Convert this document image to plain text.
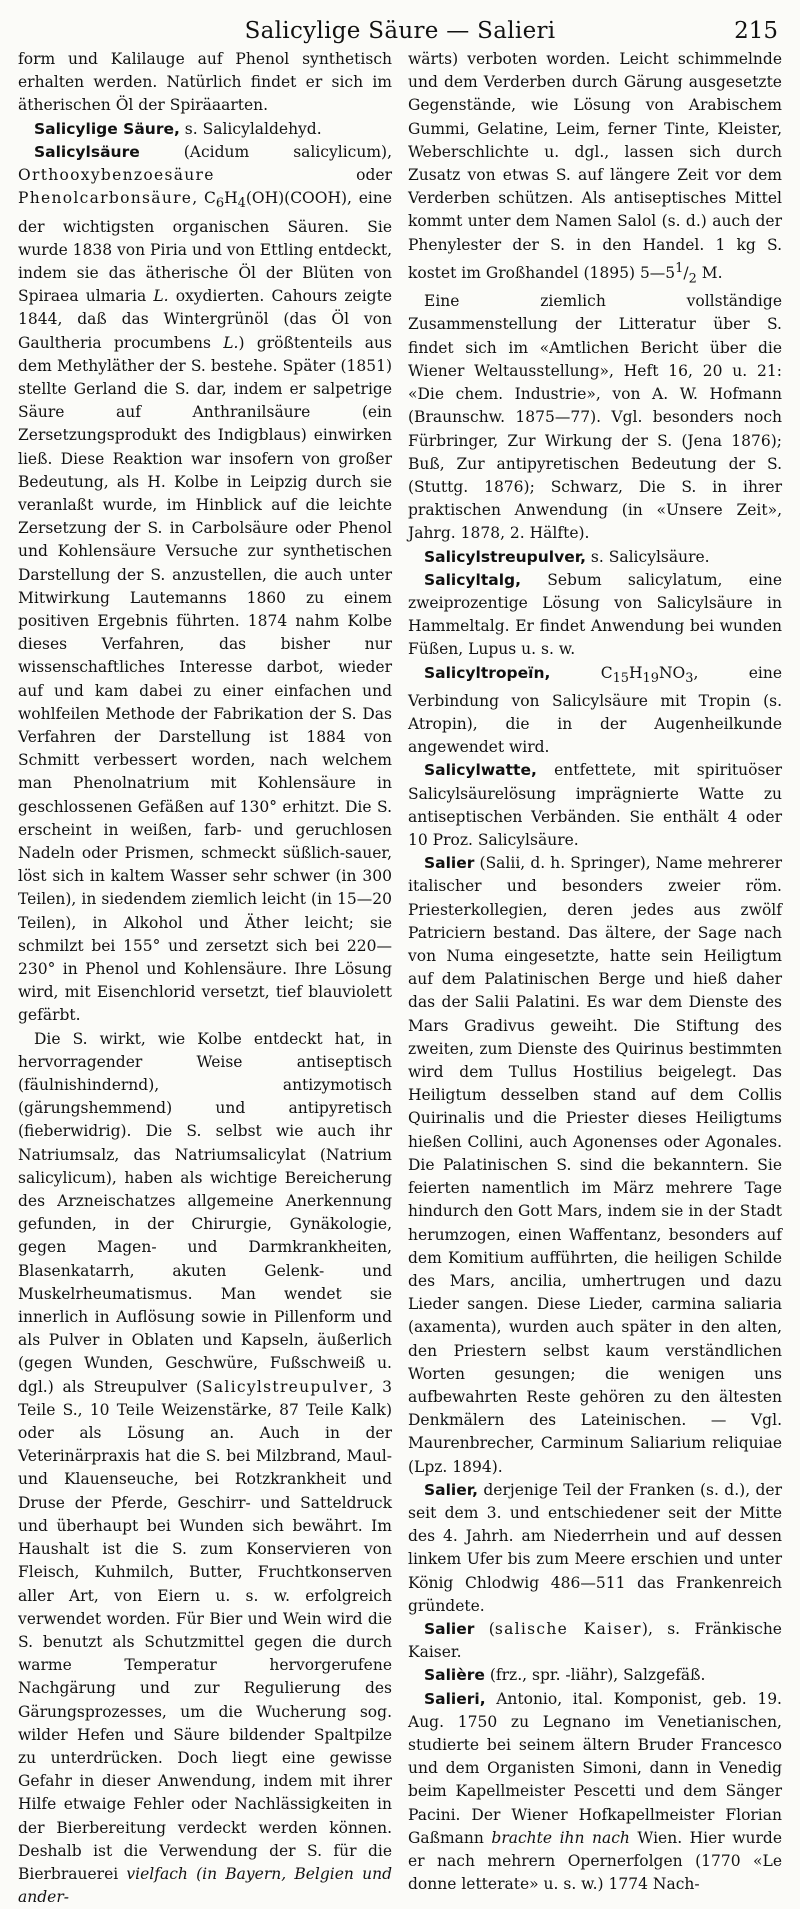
Salicylige Säure — Salieri	215

form und Kalilauge auf Phenol synthetisch erhalten werden. Natürlich findet er sich im ätherischen Öl der Spiräaarten.

Salicylige Säure, s. Salicylaldehyd.

Salicylsäure (Acidum salicylicum), Orthooxybenzoesäure oder Phenolcarbonsäure, $C_6H_4(OH)(COOH)$, eine der wichtigsten organischen Säuren. Sie wurde 1838 von Piria und von Ettling entdeckt, indem sie das ätherische Öl der Blüten von Spiraea ulmaria L. oxydierten. Cahours zeigte 1844, daß das Wintergrünöl (das Öl von Gaultheria procumbens L.) größtenteils aus dem Methyläther der S. bestehe. Später (1851) stellte Gerland die S. dar, indem er salpetrige Säure auf Anthranilsäure (ein Zersetzungsprodukt des Indigblaus) einwirken ließ. Diese Reaktion war insofern von großer Bedeutung, als H. Kolbe in Leipzig durch sie veranlaßt wurde, im Hinblick auf die leichte Zersetzung der S. in Carbolsäure oder Phenol und Kohlensäure Versuche zur synthetischen Darstellung der S. anzustellen, die auch unter Mitwirkung Lautemanns 1860 zu einem positiven Ergebnis führten. 1874 nahm Kolbe dieses Verfahren, das bisher nur wissenschaftliches Interesse darbot, wieder auf und kam dabei zu einer einfachen und wohlfeilen Methode der Fabrikation der S. Das Verfahren der Darstellung ist 1884 von Schmitt verbessert worden, nach welchem man Phenolnatrium mit Kohlensäure in geschlossenen Gefäßen auf 130° erhitzt. Die S. erscheint in weißen, farb- und geruchlosen Nadeln oder Prismen, schmeckt süßlich-sauer, löst sich in kaltem Wasser sehr schwer (in 300 Teilen), in siedendem ziemlich leicht (in 15—20 Teilen), in Alkohol und Äther leicht; sie schmilzt bei 155° und zersetzt sich bei 220—230° in Phenol und Kohlensäure. Ihre Lösung wird, mit Eisenchlorid versetzt, tief blauviolett gefärbt.

Die S. wirkt, wie Kolbe entdeckt hat, in hervorragender Weise antiseptisch (fäulnishindernd), antizymotisch (gärungshemmend) und antipyretisch (fieberwidrig). Die S. selbst wie auch ihr Natriumsalz, das Natriumsalicylat (Natrium salicylicum), haben als wichtige Bereicherung des Arzneischatzes allgemeine Anerkennung gefunden, in der Chirurgie, Gynäkologie, gegen Magen- und Darmkrankheiten, Blasenkatarrh, akuten Gelenk- und Muskelrheumatismus. Man wendet sie innerlich in Auflösung sowie in Pillenform und als Pulver in Oblaten und Kapseln, äußerlich (gegen Wunden, Geschwüre, Fußschweiß u. dgl.) als Streupulver (Salicylstreupulver, 3 Teile S., 10 Teile Weizenstärke, 87 Teile Kalk) oder als Lösung an. Auch in der Veterinärpraxis hat die S. bei Milzbrand, Maul- und Klauenseuche, bei Rotzkrankheit und Druse der Pferde, Geschirr- und Satteldruck und überhaupt bei Wunden sich bewährt. Im Haushalt ist die S. zum Konservieren von Fleisch, Kuhmilch, Butter, Fruchtkonserven aller Art, von Eiern u. s. w. erfolgreich verwendet worden. Für Bier und Wein wird die S. benutzt als Schutzmittel gegen die durch warme Temperatur hervorgerufene Nachgärung und zur Regulierung des Gärungsprozesses, um die Wucherung sog. wilder Hefen und Säure bildender Spaltpilze zu unterdrücken. Doch liegt eine gewisse Gefahr in dieser Anwendung, indem mit ihrer Hilfe etwaige Fehler oder Nachlässigkeiten in der Bierbereitung verdeckt werden können. Deshalb ist die Verwendung der S. für die Bierbrauerei vielfach (in Bayern, Belgien und ander-

wärts) verboten worden. Leicht schimmelnde und dem Verderben durch Gärung ausgesetzte Gegenstände, wie Lösung von Arabischem Gummi, Gelatine, Leim, ferner Tinte, Kleister, Weberschlichte u. dgl., lassen sich durch Zusatz von etwas S. auf längere Zeit vor dem Verderben schützen. Als antiseptisches Mittel kommt unter dem Namen Salol (s. d.) auch der Phenylester der S. in den Handel. 1 kg S. kostet im Großhandel (1895) $5—5^1/_2$ M.

Eine ziemlich vollständige Zusammenstellung der Litteratur über S. findet sich im «Amtlichen Bericht über die Wiener Weltausstellung», Heft 16, 20 u. 21: «Die chem. Industrie», von A. W. Hofmann (Braunschw. 1875—77). Vgl. besonders noch Fürbringer, Zur Wirkung der S. (Jena 1876); Buß, Zur antipyretischen Bedeutung der S. (Stuttg. 1876); Schwarz, Die S. in ihrer praktischen Anwendung (in «Unsere Zeit», Jahrg. 1878, 2. Hälfte).

Salicylstreupulver, s. Salicylsäure.

Salicyltalg, Sebum salicylatum, eine zweiprozentige Lösung von Salicylsäure in Hammeltalg. Er findet Anwendung bei wunden Füßen, Lupus u. s. w.

Salicyltropeïn, $C_{15}H_{19}NO_3$, eine Verbindung von Salicylsäure mit Tropin (s. Atropin), die in der Augenheilkunde angewendet wird.

Salicylwatte, entfettete, mit spirituöser Salicylsäurelösung imprägnierte Watte zu antiseptischen Verbänden. Sie enthält 4 oder 10 Proz. Salicylsäure.

Salier (Salii, d. h. Springer), Name mehrerer italischer und besonders zweier röm. Priesterkollegien, deren jedes aus zwölf Patriciern bestand. Das ältere, der Sage nach von Numa eingesetzte, hatte sein Heiligtum auf dem Palatinischen Berge und hieß daher das der Salii Palatini. Es war dem Dienste des Mars Gradivus geweiht. Die Stiftung des zweiten, zum Dienste des Quirinus bestimmten wird dem Tullus Hostilius beigelegt. Das Heiligtum desselben stand auf dem Collis Quirinalis und die Priester dieses Heiligtums hießen Collini, auch Agonenses oder Agonales. Die Palatinischen S. sind die bekanntern. Sie feierten namentlich im März mehrere Tage hindurch den Gott Mars, indem sie in der Stadt herumzogen, einen Waffentanz, besonders auf dem Komitium aufführten, die heiligen Schilde des Mars, ancilia, umhertrugen und dazu Lieder sangen. Diese Lieder, carmina saliaria (axamenta), wurden auch später in den alten, den Priestern selbst kaum verständlichen Worten gesungen; die wenigen uns aufbewahrten Reste gehören zu den ältesten Denkmälern des Lateinischen. — Vgl. Maurenbrecher, Carminum Saliarium reliquiae (Lpz. 1894).

Salier, derjenige Teil der Franken (s. d.), der seit dem 3. und entschiedener seit der Mitte des 4. Jahrh. am Niederrhein und auf dessen linkem Ufer bis zum Meere erschien und unter König Chlodwig 486—511 das Frankenreich gründete.

Salier (salische Kaiser), s. Fränkische Kaiser.

Salière (frz., spr. -liähr), Salzgefäß.

Salieri, Antonio, ital. Komponist, geb. 19. Aug. 1750 zu Legnano im Venetianischen, studierte bei seinem ältern Bruder Francesco und dem Organisten Simoni, dann in Venedig beim Kapellmeister Pescetti und dem Sänger Pacini. Der Wiener Hofkapellmeister Florian Gaßmann brachte ihn nach Wien. Hier wurde er nach mehrern Opernerfolgen (1770 «Le donne letterate» u. s. w.) 1774 Nach-
